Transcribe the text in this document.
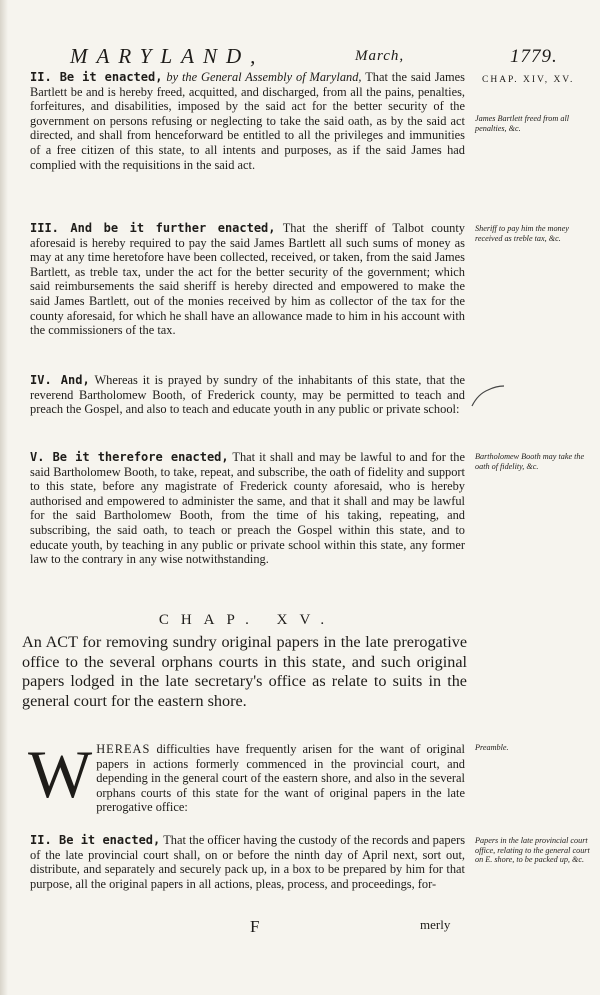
MARYLAND,	March,	1779.

II. Be it enacted, by the General Assembly of Maryland, That the said James Bartlett be and is hereby freed, acquitted, and discharged, from all the pains, penalties, forfeitures, and disabilities, imposed by the said act for the better security of the government on persons refusing or neglecting to take the said oath, as by the said act directed, and shall from henceforward be entitled to all the privileges and immunities of a free citizen of this state, to all intents and purposes, as if the said James had complied with the requisitions in the said act.

III. And be it further enacted, That the sheriff of Talbot county aforesaid is hereby required to pay the said James Bartlett all such sums of money as may at any time heretofore have been collected, received, or taken, from the said James Bartlett, as treble tax, under the act for the better security of the government; which said reimbursements the said sheriff is hereby directed and empowered to make the said James Bartlett, out of the monies received by him as collector of the tax for the county aforesaid, for which he shall have an allowance made to him in his account with the commissioners of the tax.

IV. And, Whereas it is prayed by sundry of the inhabitants of this state, that the reverend Bartholomew Booth, of Frederick county, may be permitted to teach and preach the Gospel, and also to teach and educate youth in any public or private school:

V. Be it therefore enacted, That it shall and may be lawful to and for the said Bartholomew Booth, to take, repeat, and subscribe, the oath of fidelity and support to this state, before any magistrate of Frederick county aforesaid, who is hereby authorised and empowered to administer the same, and that it shall and may be lawful for the said Bartholomew Booth, from the time of his taking, repeating, and subscribing, the said oath, to teach or preach the Gospel within this state, and to educate youth, by teaching in any public or private school within this state, any former law to the contrary in any wise notwithstanding.

CHAP. XV.
An ACT for removing sundry original papers in the late prerogative office to the several orphans courts in this state, and such original papers lodged in the late secretary's office as relate to suits in the general court for the eastern shore.

W HEREAS difficulties have frequently arisen for the want of original papers in actions formerly commenced in the provincial court, and depending in the general court of the eastern shore, and also in the several orphans courts of this state for the want of original papers in the late prerogative office:

II. Be it enacted, That the officer having the custody of the records and papers of the late provincial court shall, on or before the ninth day of April next, sort out, distribute, and separately and securely pack up, in a box to be prepared by him for that purpose, all the original papers in all actions, pleas, process, and proceedings, for-

CHAP. XIV, XV.
James Bartlett freed from all penalties, &c.
Sheriff to pay him the money received as treble tax, &c.
Bartholomew Booth may take the oath of fidelity, &c.
Preamble.
Papers in the late provincial court office, relating to the general court on E. shore, to be packed up, &c.
F	merly
